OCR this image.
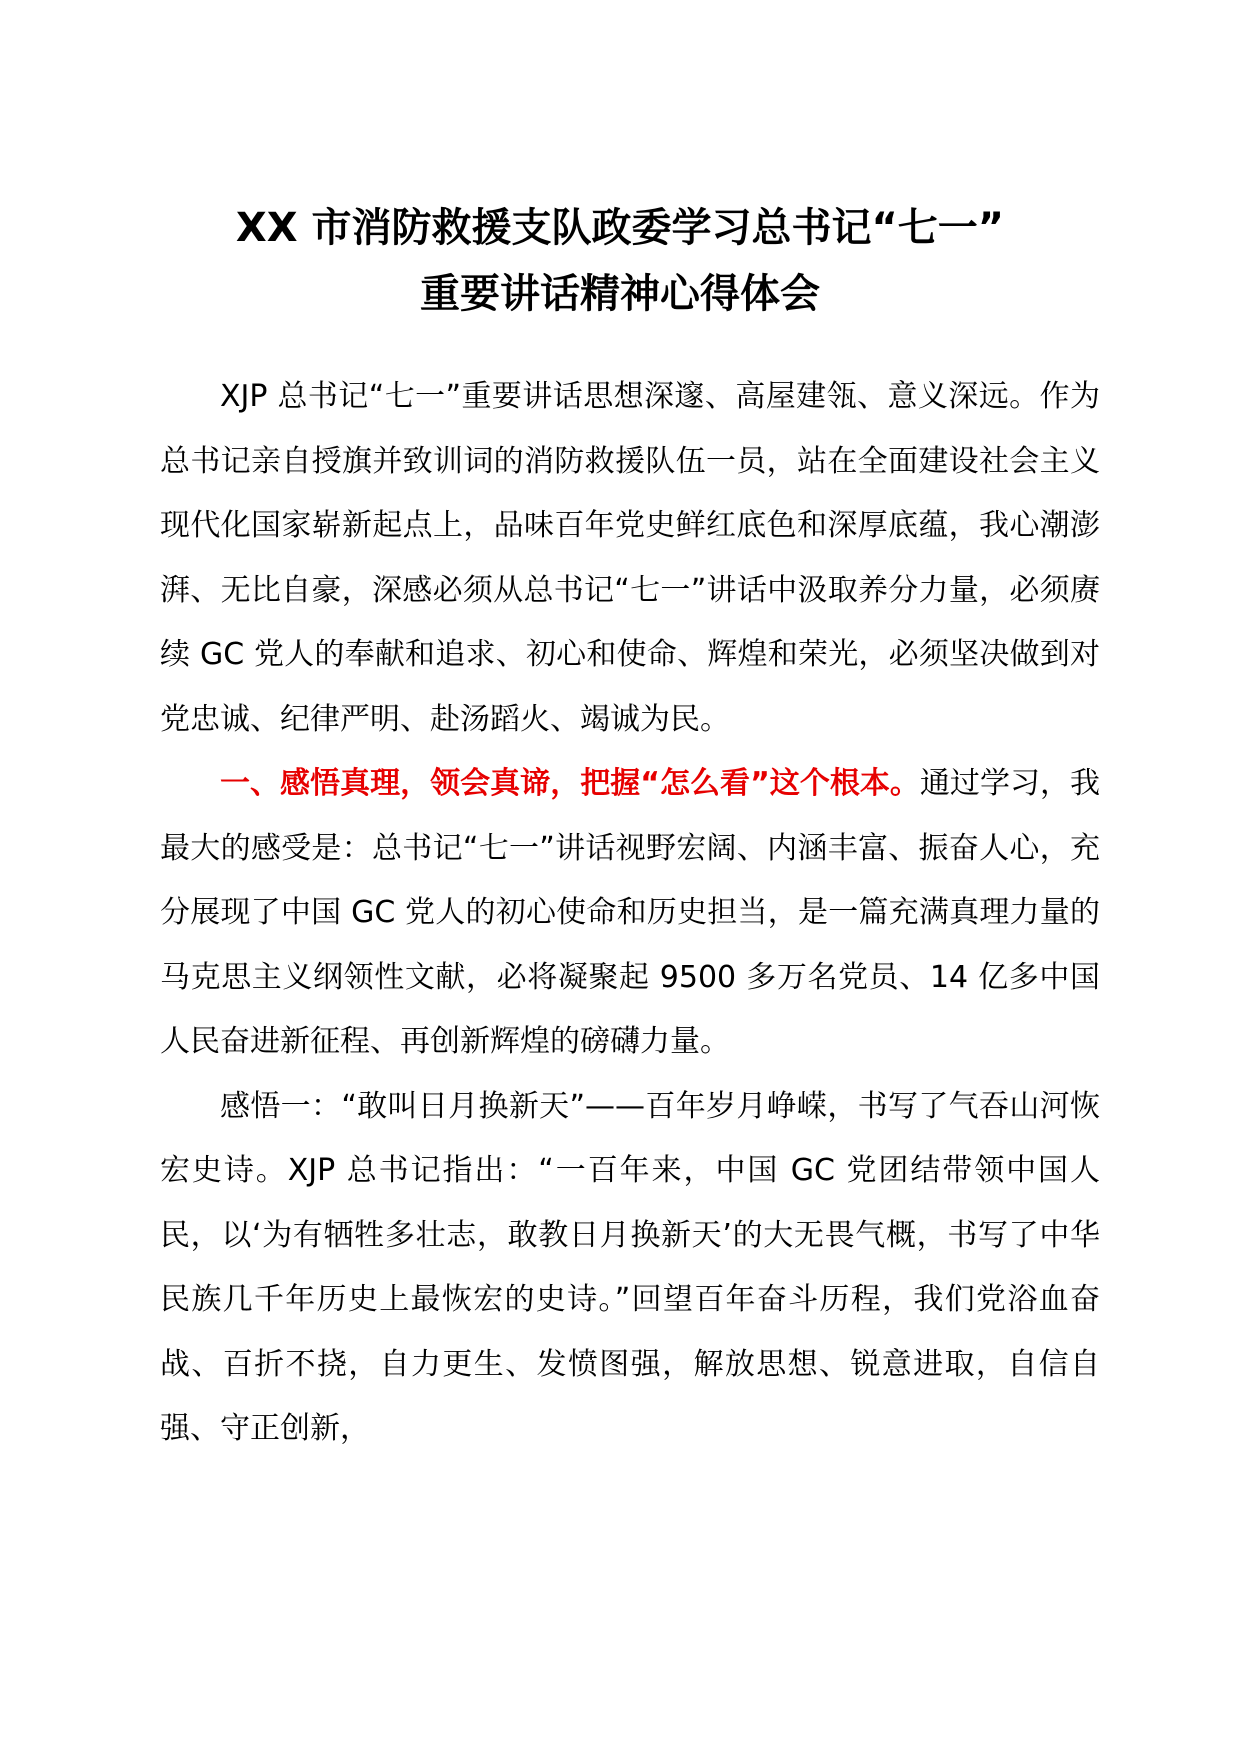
XX 市消防救援支队政委学习总书记“七一”
重要讲话精神心得体会

XJP 总书记“七一”重要讲话思想深邃、高屋建瓴、意义深远。作为总书记亲自授旗并致训词的消防救援队伍一员，站在全面建设社会主义现代化国家崭新起点上，品味百年党史鲜红底色和深厚底蕴，我心潮澎湃、无比自豪，深感必须从总书记“七一”讲话中汲取养分力量，必须赓续 GC 党人的奉献和追求、初心和使命、辉煌和荣光，必须坚决做到对党忠诚、纪律严明、赴汤蹈火、竭诚为民。

一、感悟真理，领会真谛，把握“怎么看”这个根本。通过学习，我最大的感受是：总书记“七一”讲话视野宏阔、内涵丰富、振奋人心，充分展现了中国 GC 党人的初心使命和历史担当，是一篇充满真理力量的马克思主义纲领性文献，必将凝聚起 9500 多万名党员、14 亿多中国人民奋进新征程、再创新辉煌的磅礴力量。

感悟一：“敢叫日月换新天”——百年岁月峥嵘，书写了气吞山河恢宏史诗。XJP 总书记指出：“一百年来，中国 GC 党团结带领中国人民，以‘为有牺牲多壮志，敢教日月换新天’的大无畏气概，书写了中华民族几千年历史上最恢宏的史诗。”回望百年奋斗历程，我们党浴血奋战、百折不挠，自力更生、发愤图强，解放思想、锐意进取，自信自强、守正创新，
